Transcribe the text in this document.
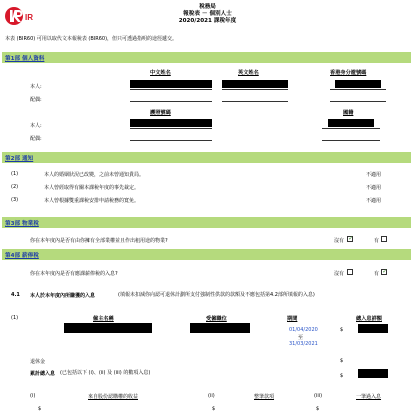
IR
稅務局
報稅表 － 個別人士
2020/2021 課稅年度
本表 (BIR60) 可用以取代文本報稅表 (BIR60)，但只可透過指明的途徑遞交。
第1部 個人資料
中文姓名	英文姓名	香港身分證號碼
本人:
配偶:
護照號碼	國籍
本人:
配偶:
第2部 通知
(1)	本人的婚姻狀況已改變，之前未曾通知貴局。	不適用
(2)	本人曾經取得有關本課稅年度的事先裁定。	不適用
(3)	本人曾根據雙重課稅安排申請稅務的寬免。	不適用
第3部 物業稅
你在本年度內是否有由你擁有全部業權並且作出租用途的物業?	沒有
✓	有
第4部 薪俸稅
你在本年度內是否有應課薪俸稅的入息?	沒有	有
✓
4.1 本人於本年度內所賺獲的入息	(填報未扣減你向認可退休計劃所支付強制性供款的款額及不應包括第4.2部所填報的入息)
(1)	僱主名稱	受僱職位	期間	總入息詳額
01/04/2020
至
31/03/2021
$
退休金	$
累計總入息 (已包括以下 (i)、(ii) 及 (iii) 的數項入息)	$
(i)	來自股份認購權的收益	(ii)	整筆款項	(iii)	一筆過入息
$	$	$
